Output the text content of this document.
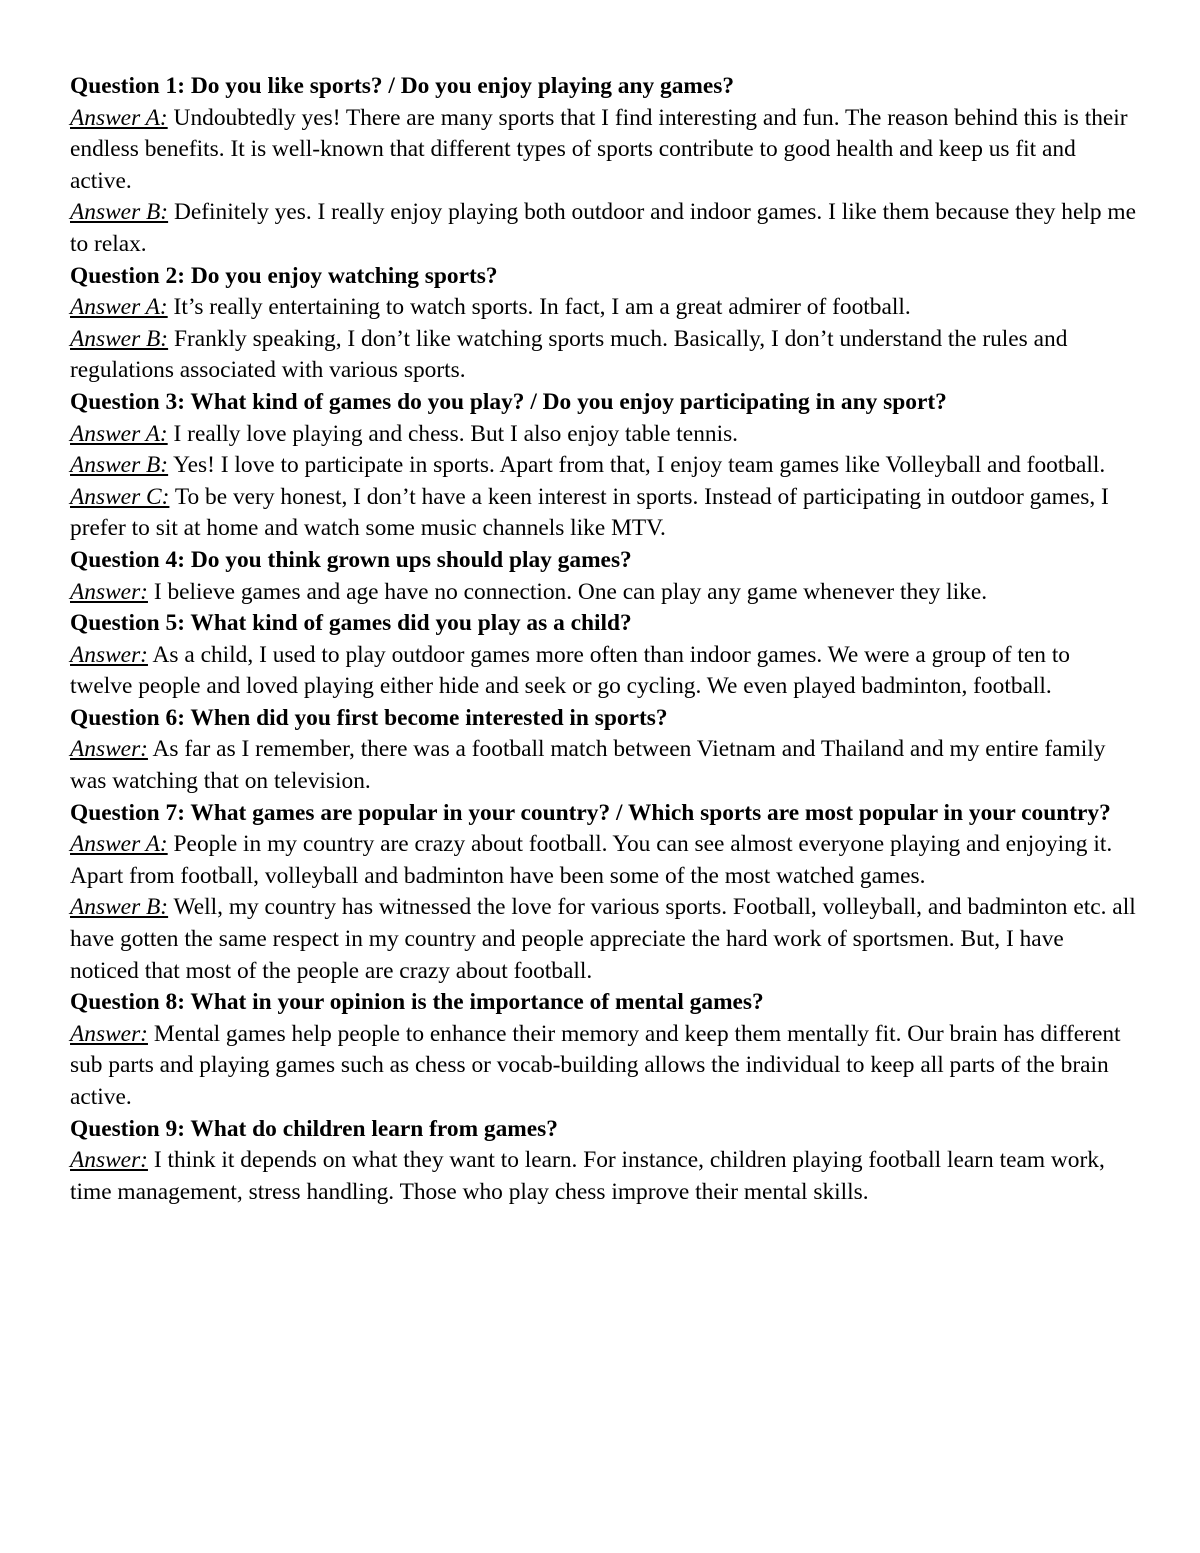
Question 1: Do you like sports? / Do you enjoy playing any games?

Answer A: Undoubtedly yes! There are many sports that I find interesting and fun. The reason behind this is their endless benefits. It is well-known that different types of sports contribute to good health and keep us fit and active.

Answer B: Definitely yes. I really enjoy playing both outdoor and indoor games. I like them because they help me to relax.

Question 2: Do you enjoy watching sports?

Answer A: It’s really entertaining to watch sports. In fact, I am a great admirer of football.

Answer B: Frankly speaking, I don’t like watching sports much. Basically, I don’t understand the rules and regulations associated with various sports.

Question 3: What kind of games do you play? / Do you enjoy participating in any sport?

Answer A: I really love playing and chess. But I also enjoy table tennis.

Answer B: Yes! I love to participate in sports. Apart from that, I enjoy team games like Volleyball and football.

Answer C: To be very honest, I don’t have a keen interest in sports. Instead of participating in outdoor games, I prefer to sit at home and watch some music channels like MTV.

Question 4: Do you think grown ups should play games?

Answer: I believe games and age have no connection. One can play any game whenever they like.

Question 5: What kind of games did you play as a child?

Answer: As a child, I used to play outdoor games more often than indoor games. We were a group of ten to twelve people and loved playing either hide and seek or go cycling. We even played badminton, football.

Question 6: When did you first become interested in sports?

Answer: As far as I remember, there was a football match between Vietnam and Thailand and my entire family was watching that on television.

Question 7: What games are popular in your country? / Which sports are most popular in your country?

Answer A: People in my country are crazy about football. You can see almost everyone playing and enjoying it. Apart from football, volleyball and badminton have been some of the most watched games.

Answer B: Well, my country has witnessed the love for various sports. Football, volleyball, and badminton etc. all have gotten the same respect in my country and people appreciate the hard work of sportsmen. But, I have noticed that most of the people are crazy about football.

Question 8: What in your opinion is the importance of mental games?

Answer: Mental games help people to enhance their memory and keep them mentally fit. Our brain has different sub parts and playing games such as chess or vocab-building allows the individual to keep all parts of the brain active.

Question 9: What do children learn from games?

Answer: I think it depends on what they want to learn. For instance, children playing football learn team work, time management, stress handling. Those who play chess improve their mental skills.
